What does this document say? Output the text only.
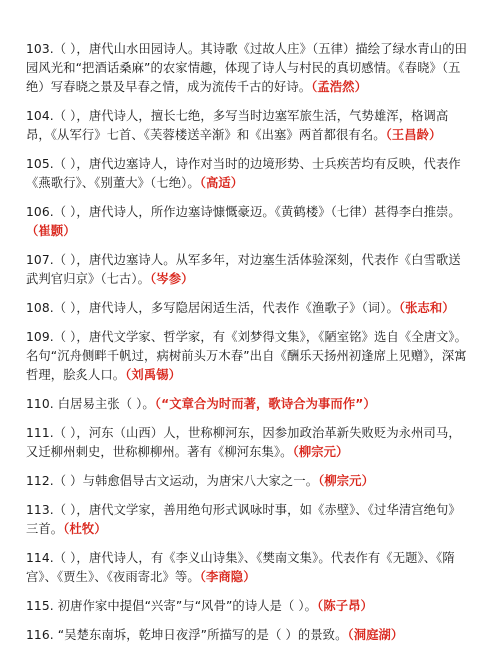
103.（ ），唐代山水田园诗人。其诗歌《过故人庄》（五律）描绘了绿水青山的田园风光和“把酒话桑麻”的农家情趣，体现了诗人与村民的真切感情。《春晓》（五绝）写春晓之景及早春之情，成为流传千古的好诗。（孟浩然）
104.（ ），唐代诗人，擅长七绝，多写当时边塞军旅生活，气势雄浑，格调高昂，《从军行》七首、《芙蓉楼送辛渐》和《出塞》两首都很有名。（王昌龄）
105.（ ），唐代边塞诗人，诗作对当时的边境形势、士兵疾苦均有反映，代表作《燕歌行》、《别董大》（七绝）。（高适）
106.（ ），唐代诗人，所作边塞诗慷慨豪迈。《黄鹤楼》（七律）甚得李白推崇。（崔颢）
107.（ ），唐代边塞诗人。从军多年，对边塞生活体验深刻，代表作《白雪歌送武判官归京》（七古）。（岑参）
108.（ ），唐代诗人，多写隐居闲适生活，代表作《渔歌子》（词）。（张志和）
109.（ ），唐代文学家、哲学家，有《刘梦得文集》，《陋室铭》选自《全唐文》。名句“沉舟侧畔千帆过，病树前头万木春”出自《酬乐天扬州初逢席上见赠》，深寓哲理，脍炙人口。（刘禹锡）
110. 白居易主张（ ）。（“文章合为时而著，歌诗合为事而作”）
111.（ ），河东（山西）人，世称柳河东，因参加政治革新失败贬为永州司马，又迁柳州刺史，世称柳柳州。著有《柳河东集》。（柳宗元）
112.（ ）与韩愈倡导古文运动，为唐宋八大家之一。（柳宗元）
113.（ ），唐代文学家，善用绝句形式讽咏时事，如《赤壁》、《过华清宫绝句》三首。（杜牧）
114.（ ），唐代诗人，有《李义山诗集》、《樊南文集》。代表作有《无题》、《隋宫》、《贾生》、《夜雨寄北》等。（李商隐）
115. 初唐作家中提倡“兴寄”与“风骨”的诗人是（ ）。（陈子昂）
116. “吴楚东南坼，乾坤日夜浮”所描写的是（ ）的景致。（洞庭湖）
